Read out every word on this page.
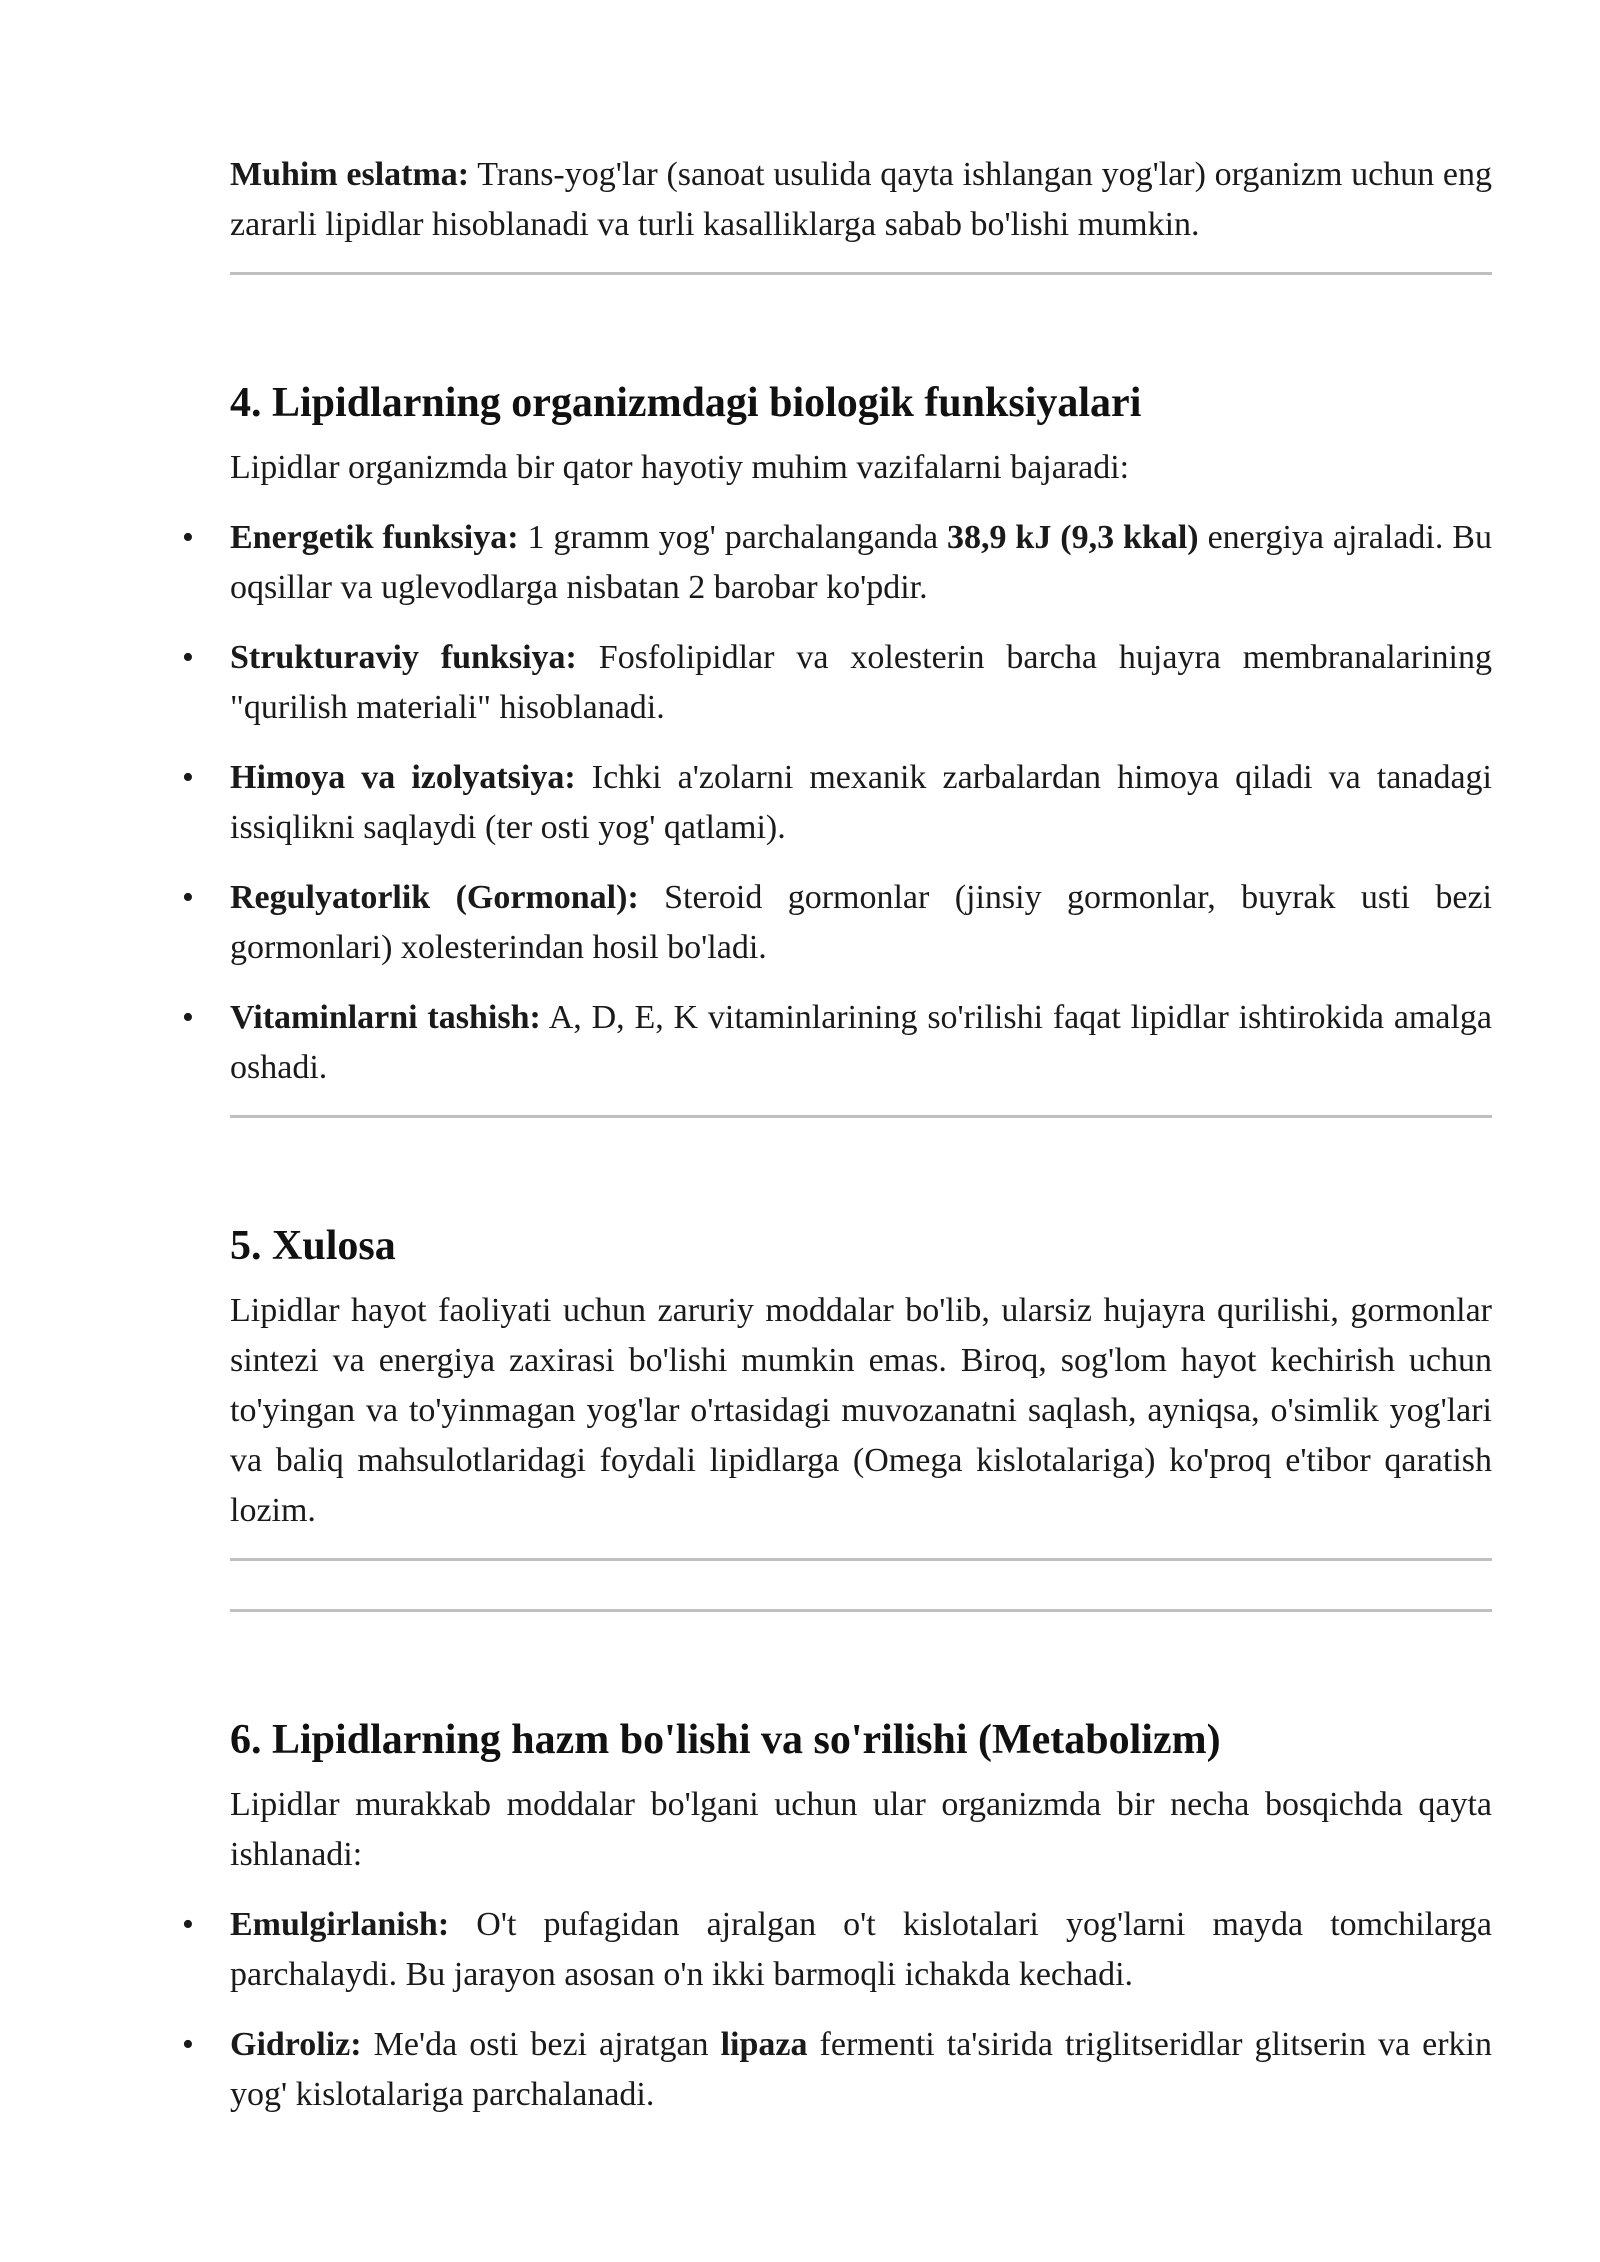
Muhim eslatma: Trans-yog'lar (sanoat usulida qayta ishlangan yog'lar) organizm uchun eng zararli lipidlar hisoblanadi va turli kasalliklarga sabab bo'lishi mumkin.

4. Lipidlarning organizmdagi biologik funksiyalari

Lipidlar organizmda bir qator hayotiy muhim vazifalarni bajaradi:

• Energetik funksiya: 1 gramm yog' parchalanganda 38,9 kJ (9,3 kkal) energiya ajraladi. Bu oqsillar va uglevodlarga nisbatan 2 barobar ko'pdir.
• Strukturaviy funksiya: Fosfolipidlar va xolesterin barcha hujayra membranalarining "qurilish materiali" hisoblanadi.
• Himoya va izolyatsiya: Ichki a'zolarni mexanik zarbalardan himoya qiladi va tanadagi issiqlikni saqlaydi (ter osti yog' qatlami).
• Regulyatorlik (Gormonal): Steroid gormonlar (jinsiy gormonlar, buyrak usti bezi gormonlari) xolesterindan hosil bo'ladi.
• Vitaminlarni tashish: A, D, E, K vitaminlarining so'rilishi faqat lipidlar ishtirokida amalga oshadi.
5. Xulosa

Lipidlar hayot faoliyati uchun zaruriy moddalar bo'lib, ularsiz hujayra qurilishi, gormonlar sintezi va energiya zaxirasi bo'lishi mumkin emas. Biroq, sog'lom hayot kechirish uchun to'yingan va to'yinmagan yog'lar o'rtasidagi muvozanatni saqlash, ayniqsa, o'simlik yog'lari va baliq mahsulotlaridagi foydali lipidlarga (Omega kislotalariga) ko'proq e'tibor qaratish lozim.

6. Lipidlarning hazm bo'lishi va so'rilishi (Metabolizm)

Lipidlar murakkab moddalar bo'lgani uchun ular organizmda bir necha bosqichda qayta ishlanadi:

• Emulgirlanish: O't pufagidan ajralgan o't kislotalari yog'larni mayda tomchilarga parchalaydi. Bu jarayon asosan o'n ikki barmoqli ichakda kechadi.
• Gidroliz: Me'da osti bezi ajratgan lipaza fermenti ta'sirida triglitseridlar glitserin va erkin yog' kislotalariga parchalanadi.
